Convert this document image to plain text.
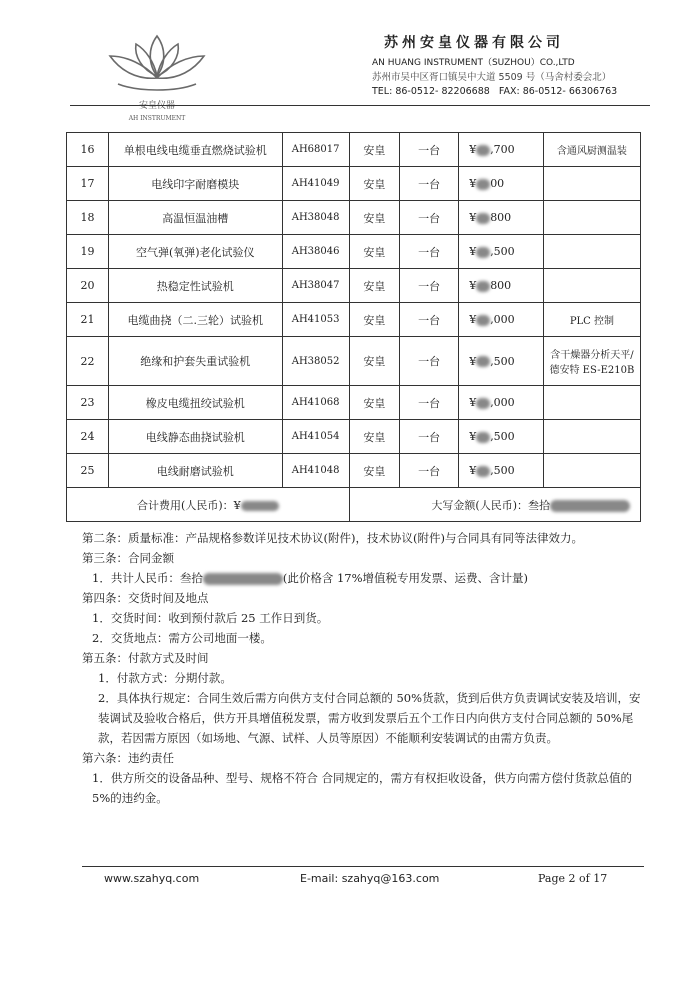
安皇仪器
AH INSTRUMENT
苏州安皇仪器有限公司
AN HUANG INSTRUMENT（SUZHOU）CO.,LTD
苏州市吴中区胥口镇吴中大道 5509 号（马舍村委会北）
TEL: 86-0512- 82206688 FAX: 86-0512- 66306763
16	单根电线电缆垂直燃烧试验机	AH68017	安皇	一台	¥ ,700	含通风厨测温装
17	电线印字耐磨模块	AH41049	安皇	一台	¥ 00	
18	高温恒温油槽	AH38048	安皇	一台	¥ 800	
19	空气弹(氧弹)老化试验仪	AH38046	安皇	一台	¥ ,500	
20	热稳定性试验机	AH38047	安皇	一台	¥ 800	
21	电缆曲挠（二.三轮）试验机	AH41053	安皇	一台	¥ ,000	PLC 控制
22	绝缘和护套失重试验机	AH38052	安皇	一台	¥ ,500	含干燥器分析天平/德安特 ES-E210B
23	橡皮电缆扭绞试验机	AH41068	安皇	一台	¥ ,000	
24	电线静态曲挠试验机	AH41054	安皇	一台	¥ ,500	
25	电线耐磨试验机	AH41048	安皇	一台	¥ ,500	
合计费用(人民币)：¥			大写金额(人民币)：叁拾			

第二条：质量标准：产品规格参数详见技术协议(附件)，技术协议(附件)与合同具有同等法律效力。

第三条：合同金额

1．共计人民币：叁拾	(此价格含 17%增值税专用发票、运费、含计量)

第四条：交货时间及地点

1．交货时间：收到预付款后 25 工作日到货。

2．交货地点：需方公司地面一楼。

第五条：付款方式及时间

1．付款方式：分期付款。

2．具体执行规定：合同生效后需方向供方支付合同总额的 50%货款，货到后供方负责调试安装及培训，安装调试及验收合格后，供方开具增值税发票，需方收到发票后五个工作日内向供方支付合同总额的 50%尾款，若因需方原因（如场地、气源、试样、人员等原因）不能顺利安装调试的由需方负责。

第六条：违约责任

1．供方所交的设备品种、型号、规格不符合 合同规定的，需方有权拒收设备，供方向需方偿付货款总值的 5%的违约金。

www.szahyq.com	E-mail: szahyq@163.com	Page 2 of 17
